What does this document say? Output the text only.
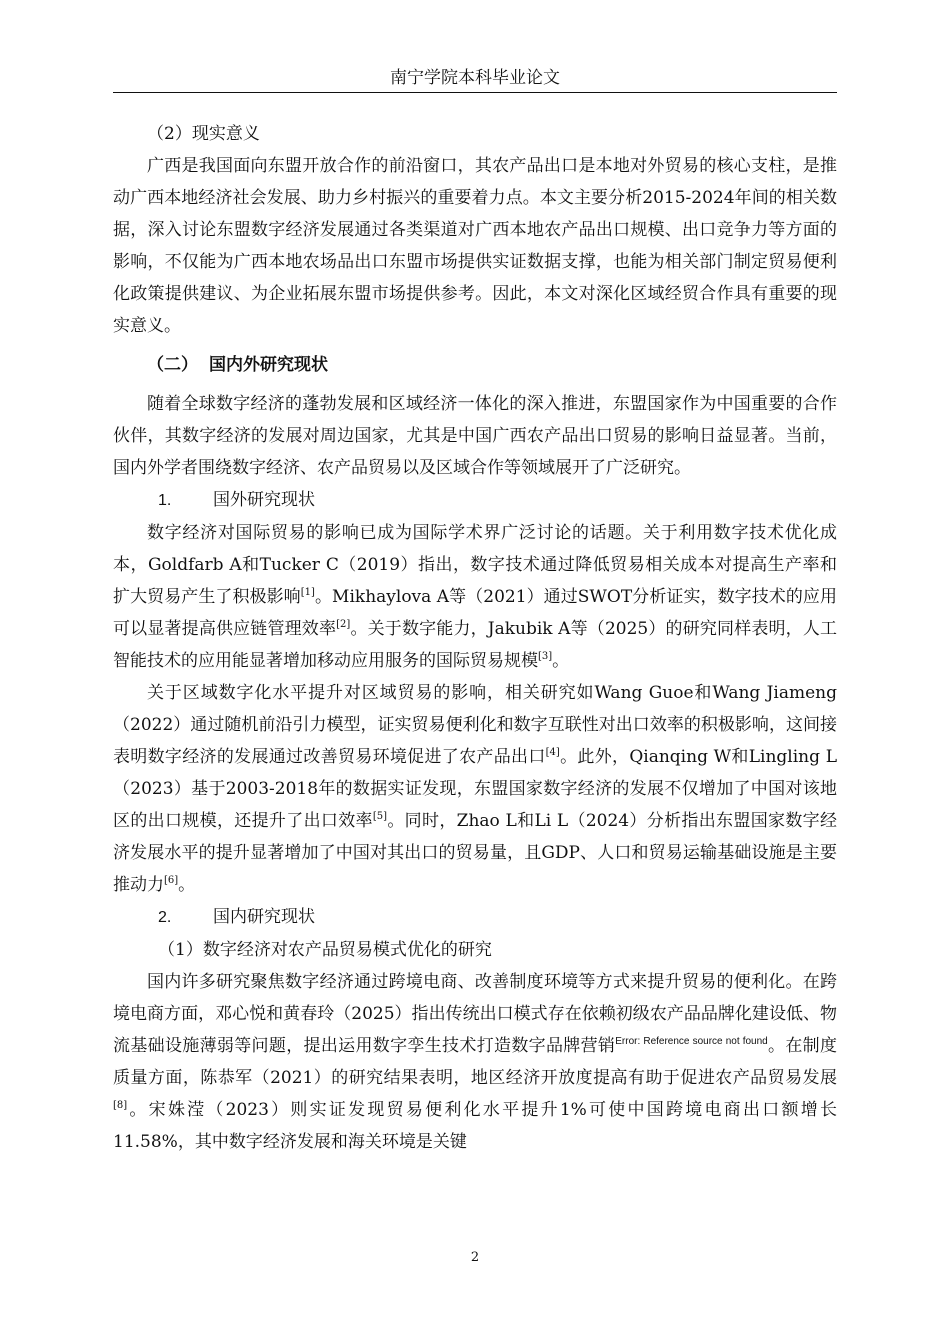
南宁学院本科毕业论文

（2）现实意义

广西是我国面向东盟开放合作的前沿窗口，其农产品出口是本地对外贸易的核心支柱，是推动广西本地经济社会发展、助力乡村振兴的重要着力点。本文主要分析2015-2024年间的相关数据，深入讨论东盟数字经济发展通过各类渠道对广西本地农产品出口规模、出口竞争力等方面的影响，不仅能为广西本地农场品出口东盟市场提供实证数据支撑，也能为相关部门制定贸易便利化政策提供建议、为企业拓展东盟市场提供参考。因此，本文对深化区域经贸合作具有重要的现实意义。

（二） 国内外研究现状

随着全球数字经济的蓬勃发展和区域经济一体化的深入推进，东盟国家作为中国重要的合作伙伴，其数字经济的发展对周边国家，尤其是中国广西农产品出口贸易的影响日益显著。当前，国内外学者围绕数字经济、农产品贸易以及区域合作等领域展开了广泛研究。

1. 国外研究现状

数字经济对国际贸易的影响已成为国际学术界广泛讨论的话题。关于利用数字技术优化成本，Goldfarb A和Tucker C（2019）指出，数字技术通过降低贸易相关成本对提高生产率和扩大贸易产生了积极影响[1]。Mikhaylova A等（2021）通过SWOT分析证实，数字技术的应用可以显著提高供应链管理效率[2]。关于数字能力，Jakubik A等（2025）的研究同样表明，人工智能技术的应用能显著增加移动应用服务的国际贸易规模[3]。

关于区域数字化水平提升对区域贸易的影响，相关研究如Wang Guoe和Wang Jiameng（2022）通过随机前沿引力模型，证实贸易便利化和数字互联性对出口效率的积极影响，这间接表明数字经济的发展通过改善贸易环境促进了农产品出口[4]。此外，Qianqing W和Lingling L（2023）基于2003-2018年的数据实证发现，东盟国家数字经济的发展不仅增加了中国对该地区的出口规模，还提升了出口效率[5]。同时，Zhao L和Li L（2024）分析指出东盟国家数字经济发展水平的提升显著增加了中国对其出口的贸易量，且GDP、人口和贸易运输基础设施是主要推动力[6]。

2. 国内研究现状
（1）数字经济对农产品贸易模式优化的研究

国内许多研究聚焦数字经济通过跨境电商、改善制度环境等方式来提升贸易的便利化。在跨境电商方面，邓心悦和黄春玲（2025）指出传统出口模式存在依赖初级农产品品牌化建设低、物流基础设施薄弱等问题，提出运用数字孪生技术打造数字品牌营销$^{Error: Reference source not found}$。在制度质量方面，陈恭军（2021）的研究结果表明，地区经济开放度提高有助于促进农产品贸易发展[8]。宋姝滢（2023）则实证发现贸易便利化水平提升1%可使中国跨境电商出口额增长11.58%，其中数字经济发展和海关环境是关键

2
